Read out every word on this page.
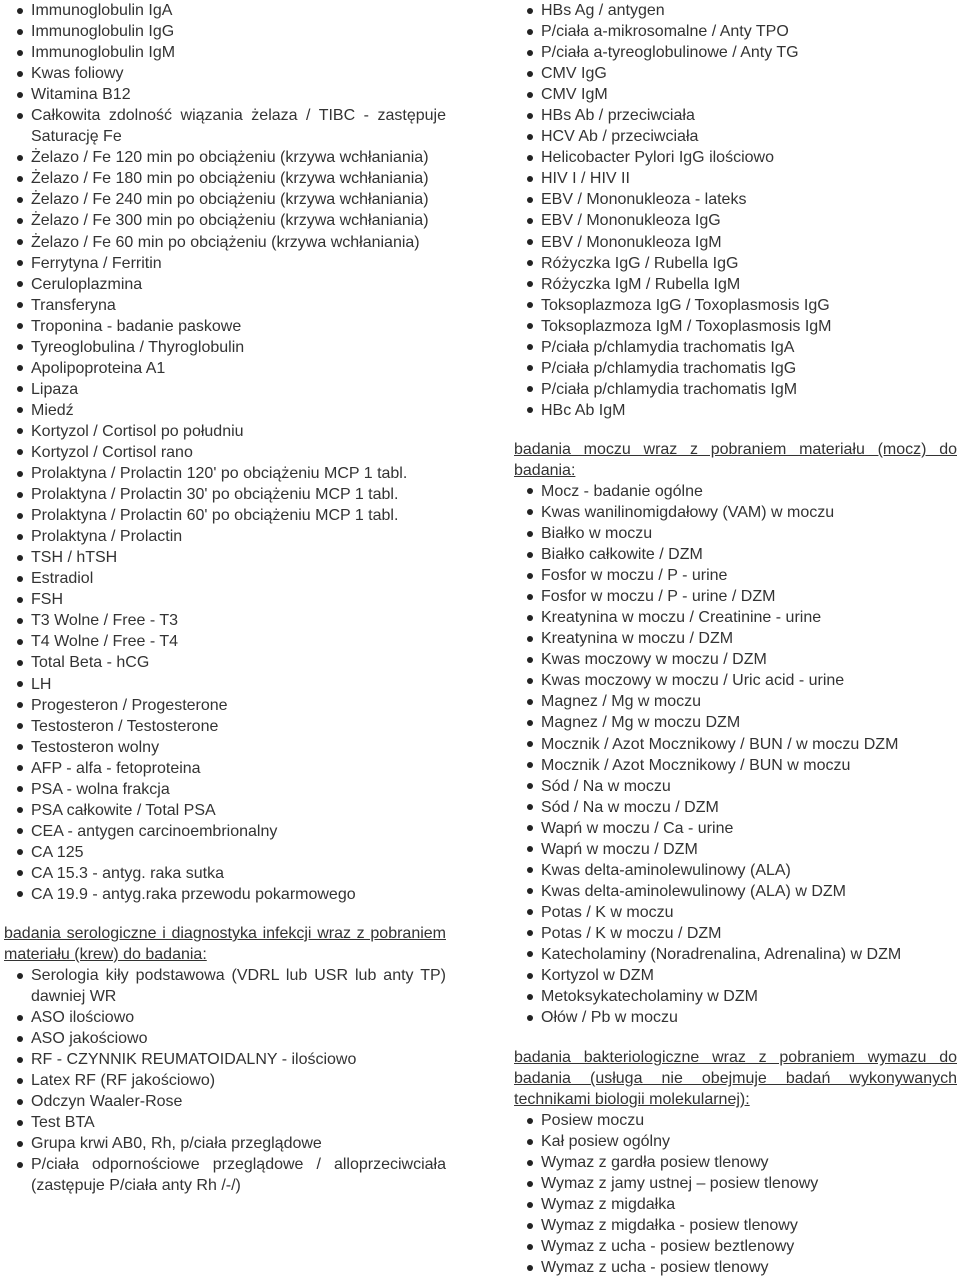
Immunoglobulin IgA
Immunoglobulin IgG
Immunoglobulin IgM
Kwas foliowy
Witamina B12
Całkowita zdolność wiązania żelaza / TIBC - zastępuje Saturację Fe
Żelazo / Fe 120 min po obciążeniu (krzywa wchłaniania)
Żelazo / Fe 180 min po obciążeniu (krzywa wchłaniania)
Żelazo / Fe 240 min po obciążeniu (krzywa wchłaniania)
Żelazo / Fe 300 min po obciążeniu (krzywa wchłaniania)
Żelazo / Fe 60 min po obciążeniu (krzywa wchłaniania)
Ferrytyna / Ferritin
Ceruloplazmina
Transferyna
Troponina - badanie paskowe
Tyreoglobulina / Thyroglobulin
Apolipoproteina A1
Lipaza
Miedź
Kortyzol / Cortisol po południu
Kortyzol / Cortisol rano
Prolaktyna / Prolactin 120' po obciążeniu MCP 1 tabl.
Prolaktyna / Prolactin 30' po obciążeniu MCP 1 tabl.
Prolaktyna / Prolactin 60' po obciążeniu MCP 1 tabl.
Prolaktyna / Prolactin
TSH / hTSH
Estradiol
FSH
T3 Wolne / Free - T3
T4 Wolne / Free - T4
Total Beta - hCG
LH
Progesteron / Progesterone
Testosteron / Testosterone
Testosteron wolny
AFP - alfa - fetoproteina
PSA - wolna frakcja
PSA całkowite / Total PSA
CEA - antygen carcinoembrionalny
CA 125
CA 15.3 - antyg. raka sutka
CA 19.9 - antyg.raka przewodu pokarmowego
badania serologiczne i diagnostyka infekcji wraz z pobraniem materiału (krew) do badania:
Serologia kiły podstawowa (VDRL lub USR lub anty TP) dawniej WR
ASO ilościowo
ASO jakościowo
RF - CZYNNIK REUMATOIDALNY - ilościowo
Latex RF (RF jakościowo)
Odczyn Waaler-Rose
Test BTA
Grupa krwi AB0, Rh, p/ciała przeglądowe
P/ciała odpornościowe przeglądowe / alloprzeciwciała (zastępuje P/ciała anty Rh /-/)
HBs Ag / antygen
P/ciała a-mikrosomalne / Anty TPO
P/ciała a-tyreoglobulinowe / Anty TG
CMV IgG
CMV IgM
HBs Ab / przeciwciała
HCV Ab / przeciwciała
Helicobacter Pylori IgG ilościowo
HIV I / HIV II
EBV / Mononukleoza - lateks
EBV / Mononukleoza IgG
EBV / Mononukleoza IgM
Różyczka IgG / Rubella IgG
Różyczka IgM / Rubella IgM
Toksoplazmoza IgG / Toxoplasmosis IgG
Toksoplazmoza IgM / Toxoplasmosis IgM
P/ciała p/chlamydia trachomatis IgA
P/ciała p/chlamydia trachomatis IgG
P/ciała p/chlamydia trachomatis IgM
HBc Ab IgM
badania moczu wraz z pobraniem materiału (mocz) do badania:
Mocz - badanie ogólne
Kwas wanilinomigdałowy (VAM) w moczu
Białko w moczu
Białko całkowite / DZM
Fosfor w moczu / P - urine
Fosfor w moczu / P - urine / DZM
Kreatynina w moczu / Creatinine - urine
Kreatynina w moczu / DZM
Kwas moczowy w moczu / DZM
Kwas moczowy w moczu / Uric acid - urine
Magnez / Mg w moczu
Magnez / Mg w moczu DZM
Mocznik / Azot Mocznikowy / BUN / w moczu DZM
Mocznik / Azot Mocznikowy / BUN w moczu
Sód / Na w moczu
Sód / Na w moczu / DZM
Wapń w moczu / Ca - urine
Wapń w moczu / DZM
Kwas delta-aminolewulinowy (ALA)
Kwas delta-aminolewulinowy (ALA) w DZM
Potas / K w moczu
Potas / K w moczu / DZM
Katecholaminy (Noradrenalina, Adrenalina) w DZM
Kortyzol w DZM
Metoksykatecholaminy w DZM
Ołów / Pb w moczu
badania bakteriologiczne wraz z pobraniem wymazu do badania (usługa nie obejmuje badań wykonywanych technikami biologii molekularnej):
Posiew moczu
Kał posiew ogólny
Wymaz z gardła posiew tlenowy
Wymaz z jamy ustnej – posiew tlenowy
Wymaz z migdałka
Wymaz z migdałka - posiew tlenowy
Wymaz z ucha - posiew beztlenowy
Wymaz z ucha - posiew tlenowy
